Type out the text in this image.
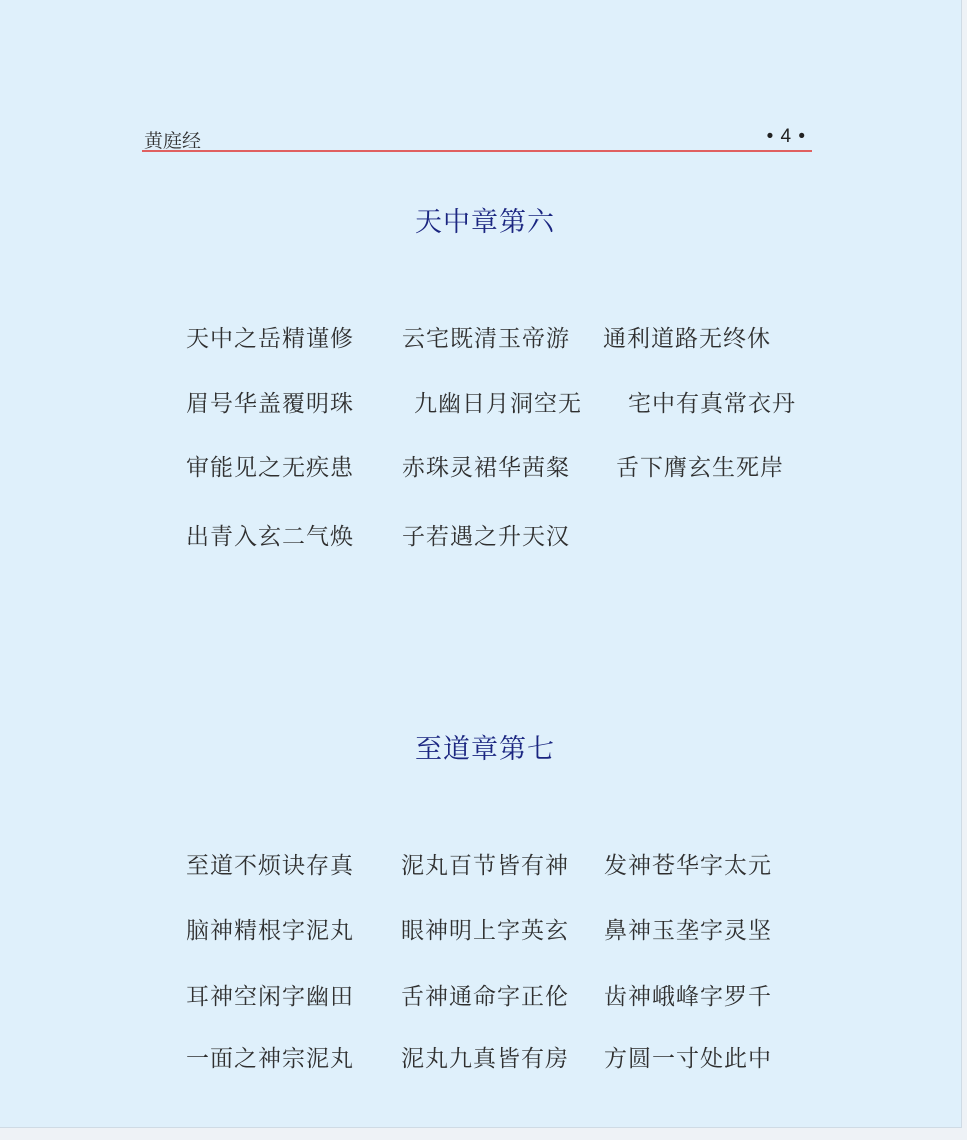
黄庭经	• 4 •
天中章第六
天中之岳精谨修 云宅既清玉帝游 通利道路无终休
眉号华盖覆明珠	九幽日月洞空无 宅中有真常衣丹
审能见之无疾患 赤珠灵裙华茜粲 舌下膺玄生死岸
出青入玄二气焕 子若遇之升天汉
至道章第七
至道不烦诀存真 泥丸百节皆有神 发神苍华字太元
脑神精根字泥丸 眼神明上字英玄 鼻神玉垄字灵坚
耳神空闲字幽田 舌神通命字正伦 齿神峨峰字罗千
一面之神宗泥丸 泥丸九真皆有房 方圆一寸处此中
